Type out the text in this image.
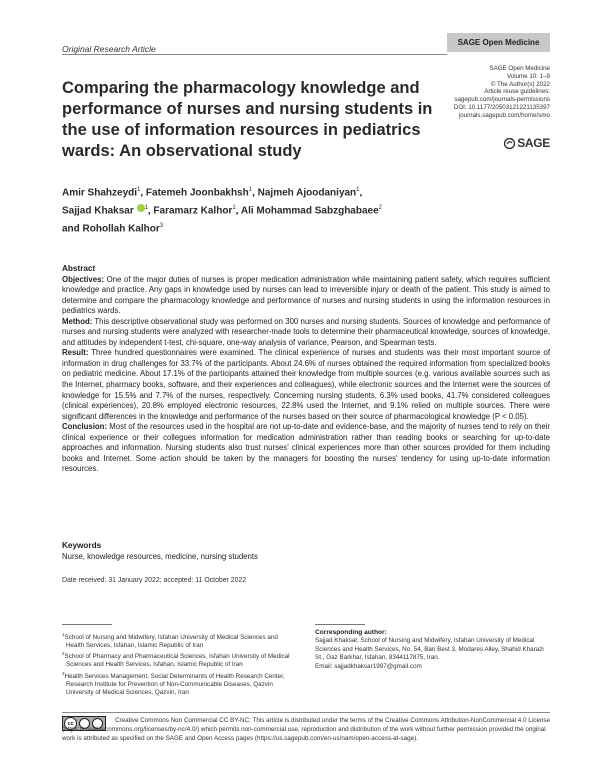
Original Research Article
SAGE Open Medicine
Comparing the pharmacology knowledge and performance of nurses and nursing students in the use of information resources in pediatrics wards: An observational study
SAGE Open Medicine
Volume 10: 1–9
© The Author(s) 2022
Article reuse guidelines:
sagepub.com/journals-permissions
DOI: 10.1177/20503121221135397
journals.sagepub.com/home/smo
SAGE
Amir Shahzeydi$^1$, Fatemeh Joonbakhsh$^1$, Najmeh Ajoodaniyan$^1$,
Sajjad Khaksar $^1$, Faramarz Kalhor$^1$, Ali Mohammad Sabzghabaee$^2$
and Rohollah Kalhor$^3$
Abstract

Objectives: One of the major duties of nurses is proper medication administration while maintaining patient safety, which requires sufficient knowledge and practice. Any gaps in knowledge used by nurses can lead to irreversible injury or death of the patient. This study is aimed to determine and compare the pharmacology knowledge and performance of nurses and nursing students in using the information resources in pediatrics wards.

Method: This descriptive observational study was performed on 300 nurses and nursing students. Sources of knowledge and performance of nurses and nursing students were analyzed with researcher-made tools to determine their pharmaceutical knowledge, sources of knowledge, and attitudes by independent t-test, chi-square, one-way analysis of variance, Pearson, and Spearman tests.

Result: Three hundred questionnaires were examined. The clinical experience of nurses and students was their most important source of information in drug challenges for 33.7% of the participants. About 24.6% of nurses obtained the required information from specialized books on pediatric medicine. About 17.1% of the participants attained their knowledge from multiple sources (e.g. various available sources such as the Internet, pharmacy books, software, and their experiences and colleagues), while electronic sources and the Internet were the sources of knowledge for 15.5% and 7.7% of the nurses, respectively. Concerning nursing students, 6.3% used books, 41.7% considered colleagues (clinical experiences), 20.8% employed electronic resources, 22.8% used the Internet, and 9.1% relied on multiple sources. There were significant differences in the knowledge and performance of the nurses based on their source of pharmacological knowledge (P < 0.05).

Conclusion: Most of the resources used in the hospital are not up-to-date and evidence-base, and the majority of nurses tend to rely on their clinical experience or their collegues information for medication administration rather than reading books or searching for up-to-date approaches and information. Nursing students also trust nurses' clinical experiences more than other sources provided for them including books and Internet. Some action should be taken by the managers for boosting the nurses' tendency for using up-to-date information resources.

Keywords
Nurse, knowledge resources, medicine, nursing students
Date received: 31 January 2022; accepted: 11 October 2022
$^1$School of Nursing and Midwifery, Isfahan University of Medical Sciences and Health Services, Isfahan, Islamic Republic of Iran
$^2$School of Pharmacy and Pharmaceutical Sciences, Isfahan University of Medical Sciences and Health Services, Isfahan, Islamic Republic of Iran
$^3$Health Services Management, Social Determinants of Health Research Center, Research Institute for Prevention of Non-Communicable Diseases, Qazvin University of Medical Sciences, Qazvin, Iran
Corresponding author:
Sajjad Khaksar, School of Nursing and Midwifery, Isfahan University of Medical Sciences and Health Services, No. 54, Ban Best 3, Modares Alley, Shahid Kharazi St., Gaz Barkhar, Isfahan, 8344117875, Iran.
Email: sajjadkhaksar1997@gmail.com
cc	Creative Commons Non Commercial CC BY-NC: This article is distributed under the terms of the Creative Commons Attribution-NonCommercial 4.0 License (https://creativecommons.org/licenses/by-nc/4.0/) which permits non-commercial use, reproduction and distribution of the work without further permission provided the original work is attributed as specified on the SAGE and Open Access pages (https://us.sagepub.com/en-us/nam/open-access-at-sage).
